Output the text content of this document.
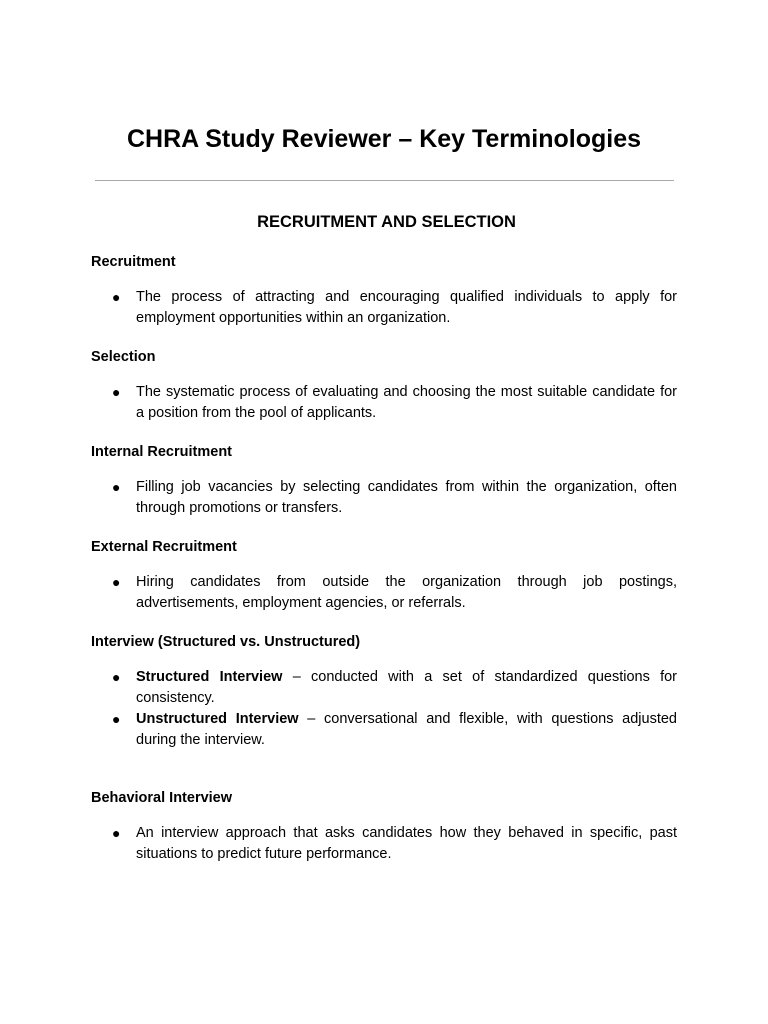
CHRA Study Reviewer – Key Terminologies
RECRUITMENT AND SELECTION
Recruitment
● The process of attracting and encouraging qualified individuals to apply for employment opportunities within an organization.
Selection
● The systematic process of evaluating and choosing the most suitable candidate for a position from the pool of applicants.
Internal Recruitment
● Filling job vacancies by selecting candidates from within the organization, often through promotions or transfers.
External Recruitment
● Hiring candidates from outside the organization through job postings, advertisements, employment agencies, or referrals.
Interview (Structured vs. Unstructured)
● Structured Interview – conducted with a set of standardized questions for consistency.
● Unstructured Interview – conversational and flexible, with questions adjusted during the interview.
Behavioral Interview
● An interview approach that asks candidates how they behaved in specific, past situations to predict future performance.
